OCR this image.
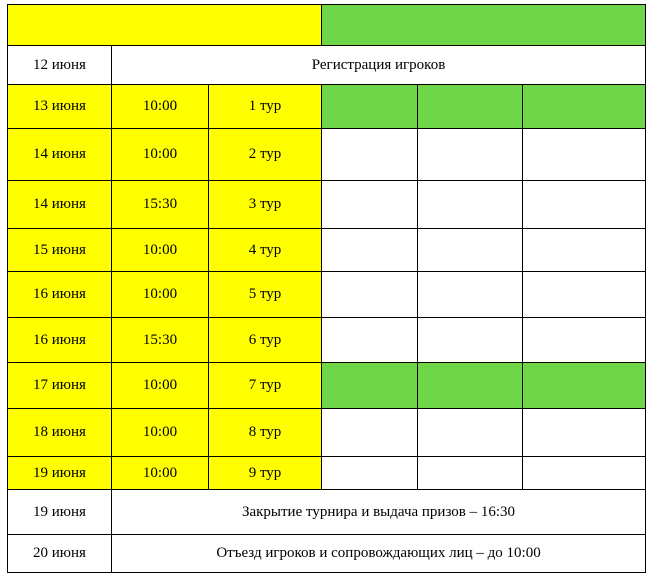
12 июня	Регистрация игроков				
13 июня	10:00	1 тур			
14 июня	10:00	2 тур			
14 июня	15:30	3 тур			
15 июня	10:00	4 тур			
16 июня	10:00	5 тур			
16 июня	15:30	6 тур			
17 июня	10:00	7 тур			
18 июня	10:00	8 тур			
19 июня	10:00	9 тур			
19 июня	Закрытие турнира и выдача призов – 16:30				
20 июня	Отъезд игроков и сопровождающих лиц – до 10:00				
